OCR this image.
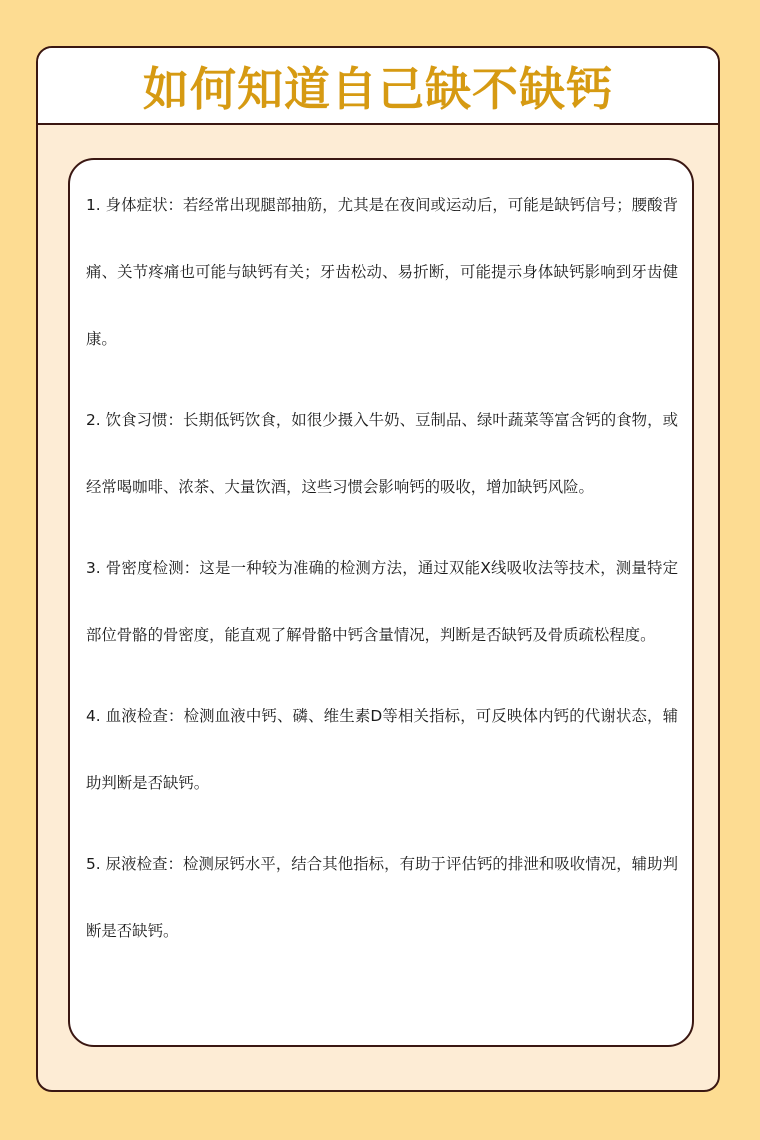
如何知道自己缺不缺钙

1. 身体症状：若经常出现腿部抽筋，尤其是在夜间或运动后，可能是缺钙信号；腰酸背痛、关节疼痛也可能与缺钙有关；牙齿松动、易折断，可能提示身体缺钙影响到牙齿健康。

2. 饮食习惯：长期低钙饮食，如很少摄入牛奶、豆制品、绿叶蔬菜等富含钙的食物，或经常喝咖啡、浓茶、大量饮酒，这些习惯会影响钙的吸收，增加缺钙风险。

3. 骨密度检测：这是一种较为准确的检测方法，通过双能X线吸收法等技术，测量特定部位骨骼的骨密度，能直观了解骨骼中钙含量情况，判断是否缺钙及骨质疏松程度。

4. 血液检查：检测血液中钙、磷、维生素D等相关指标，可反映体内钙的代谢状态，辅助判断是否缺钙。

5. 尿液检查：检测尿钙水平，结合其他指标，有助于评估钙的排泄和吸收情况，辅助判断是否缺钙。
